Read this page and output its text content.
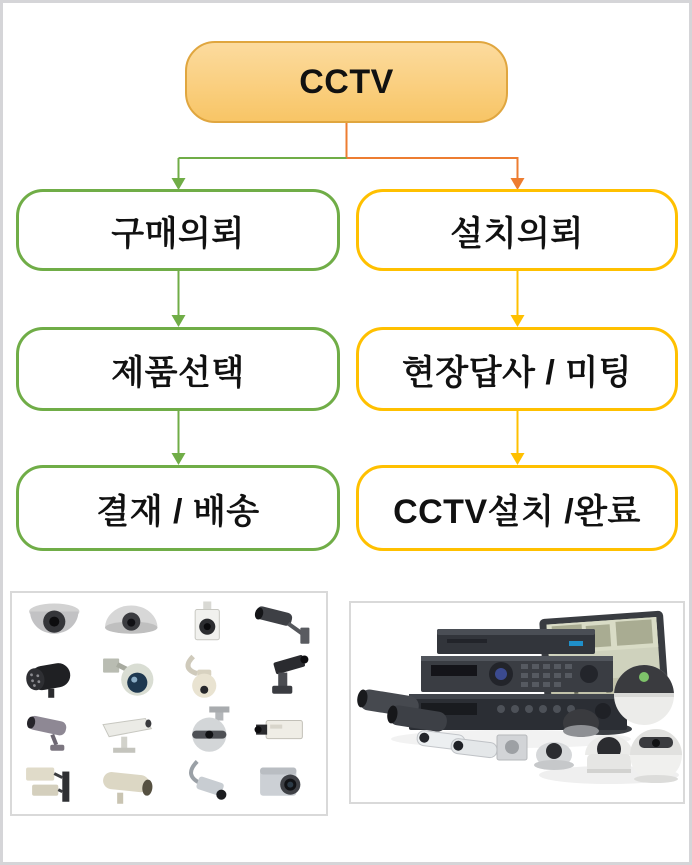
CCTV
구매의뢰
제품선택
결재 / 배송
설치의뢰
현장답사 / 미팅
CCTV설치 /완료
